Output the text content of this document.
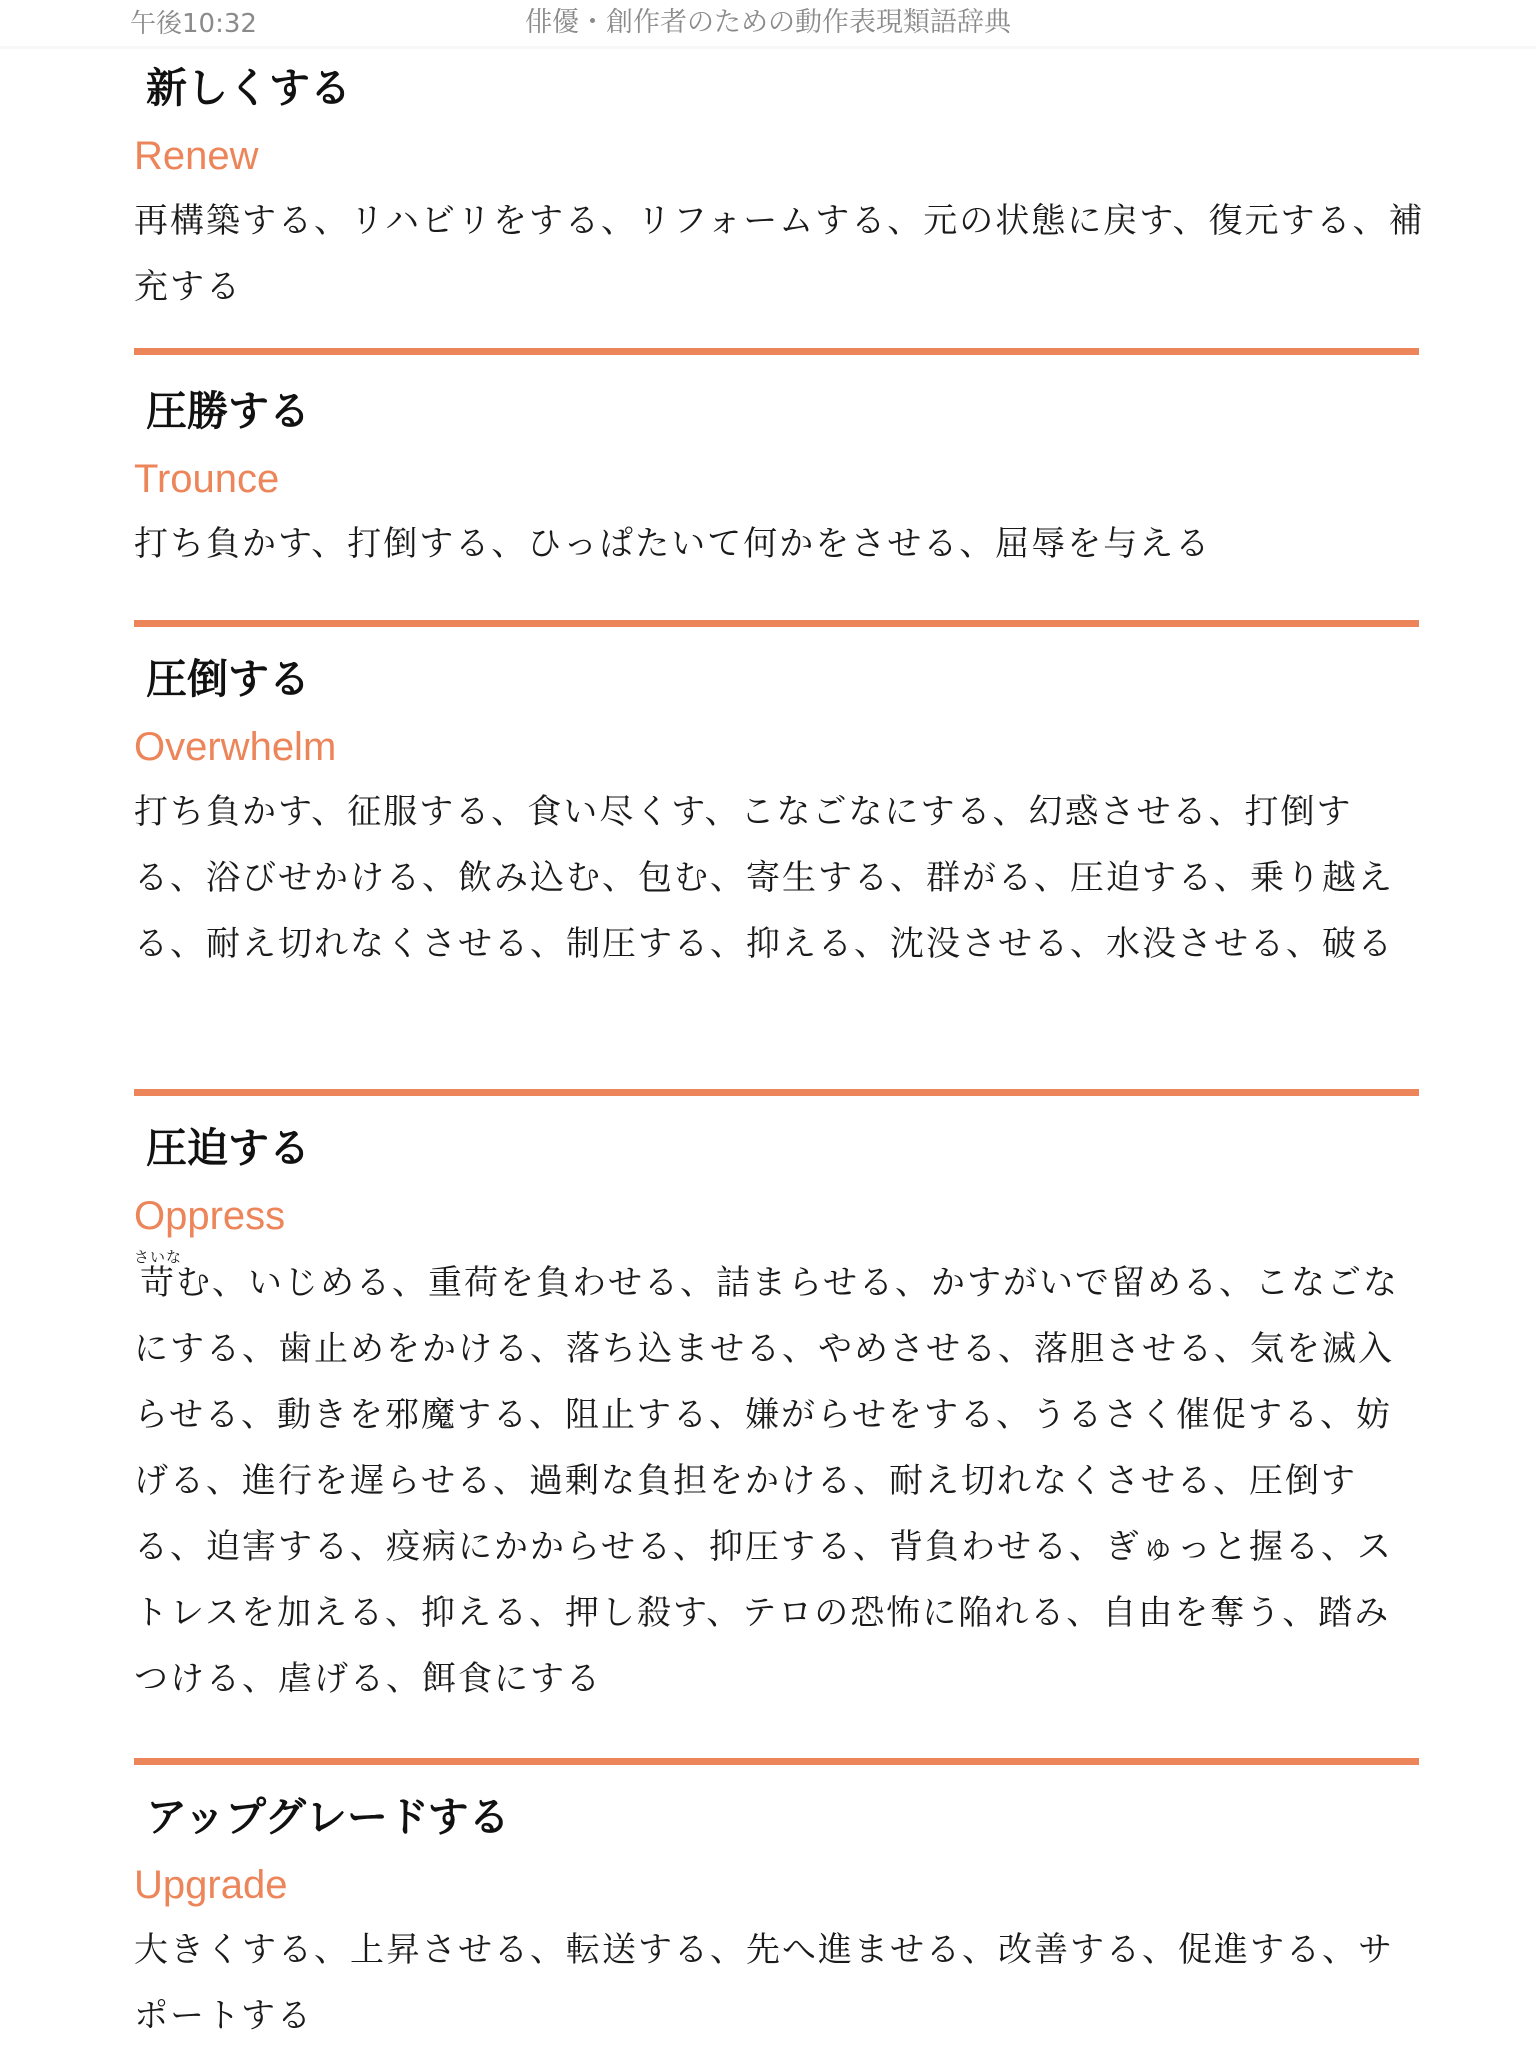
午後10:32	俳優・創作者のための動作表現類語辞典
新しくする
Renew
再構築する、リハビリをする、リフォームする、元の状態に戻す、復元する、補充する
圧勝する
Trounce
打ち負かす、打倒する、ひっぱたいて何かをさせる、屈辱を与える
圧倒する
Overwhelm
打ち負かす、征服する、食い尽くす、こなごなにする、幻惑させる、打倒する、浴びせかける、飲み込む、包む、寄生する、群がる、圧迫する、乗り越える、耐え切れなくさせる、制圧する、抑える、沈没させる、水没させる、破る
圧迫する
Oppress
苛さいなむ、いじめる、重荷を負わせる、詰まらせる、かすがいで留める、こなごなにする、歯止めをかける、落ち込ませる、やめさせる、落胆させる、気を滅入らせる、動きを邪魔する、阻止する、嫌がらせをする、うるさく催促する、妨げる、進行を遅らせる、過剰な負担をかける、耐え切れなくさせる、圧倒する、迫害する、疫病にかからせる、抑圧する、背負わせる、ぎゅっと握る、ストレスを加える、抑える、押し殺す、テロの恐怖に陥れる、自由を奪う、踏みつける、虐げる、餌食にする
アップグレードする
Upgrade
大きくする、上昇させる、転送する、先へ進ませる、改善する、促進する、サポートする
